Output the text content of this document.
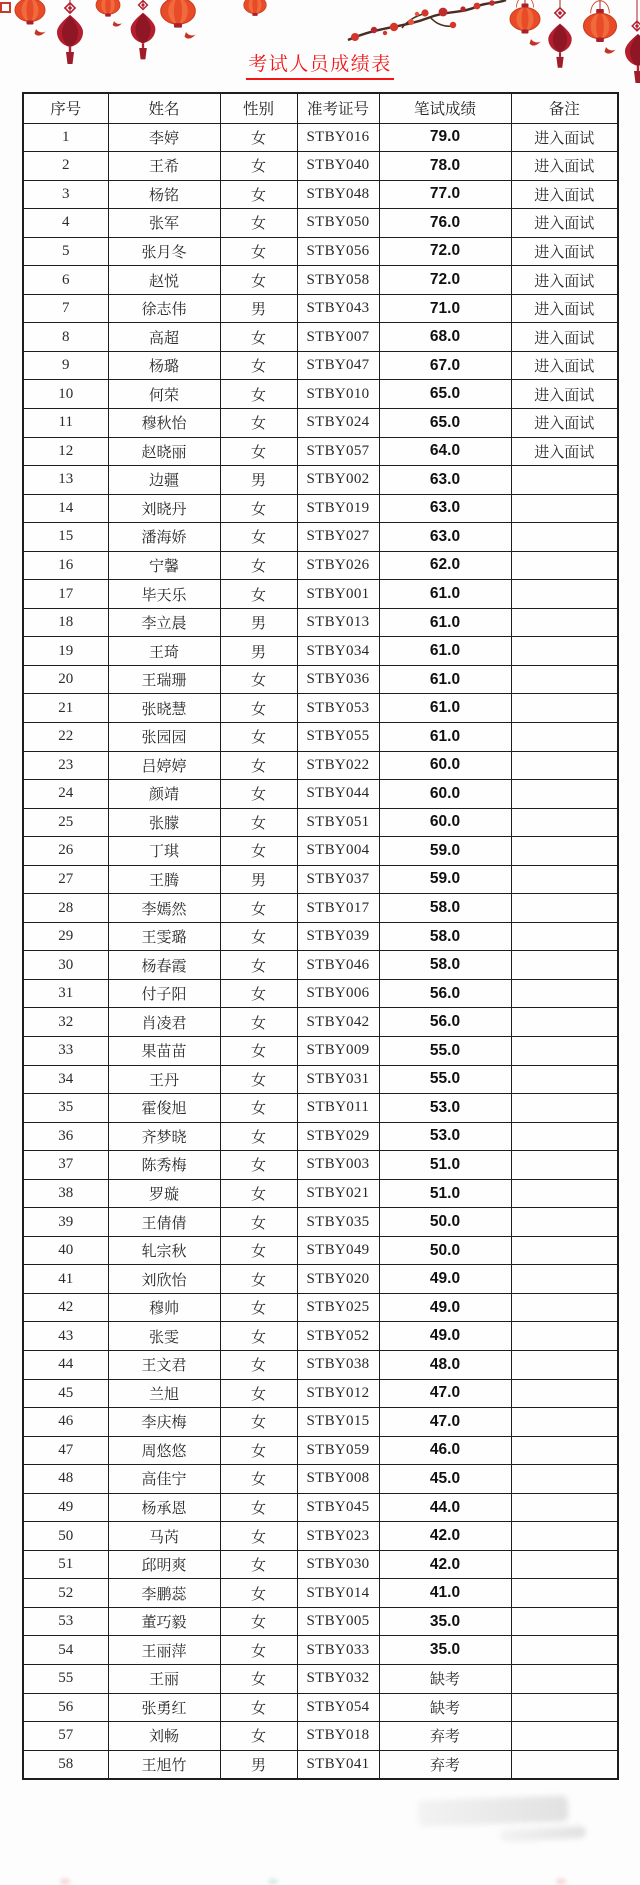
考试人员成绩表
序号	姓名	性别	准考证号	笔试成绩	备注
1	李婷	女	STBY016	79.0	进入面试
2	王希	女	STBY040	78.0	进入面试
3	杨铭	女	STBY048	77.0	进入面试
4	张军	女	STBY050	76.0	进入面试
5	张月冬	女	STBY056	72.0	进入面试
6	赵悦	女	STBY058	72.0	进入面试
7	徐志伟	男	STBY043	71.0	进入面试
8	高超	女	STBY007	68.0	进入面试
9	杨璐	女	STBY047	67.0	进入面试
10	何荣	女	STBY010	65.0	进入面试
11	穆秋怡	女	STBY024	65.0	进入面试
12	赵晓丽	女	STBY057	64.0	进入面试
13	边疆	男	STBY002	63.0	
14	刘晓丹	女	STBY019	63.0	
15	潘海娇	女	STBY027	63.0	
16	宁馨	女	STBY026	62.0	
17	毕天乐	女	STBY001	61.0	
18	李立晨	男	STBY013	61.0	
19	王琦	男	STBY034	61.0	
20	王瑞珊	女	STBY036	61.0	
21	张晓慧	女	STBY053	61.0	
22	张园园	女	STBY055	61.0	
23	吕婷婷	女	STBY022	60.0	
24	颜靖	女	STBY044	60.0	
25	张朦	女	STBY051	60.0	
26	丁琪	女	STBY004	59.0	
27	王腾	男	STBY037	59.0	
28	李嫣然	女	STBY017	58.0	
29	王雯璐	女	STBY039	58.0	
30	杨春霞	女	STBY046	58.0	
31	付子阳	女	STBY006	56.0	
32	肖凌君	女	STBY042	56.0	
33	果苗苗	女	STBY009	55.0	
34	王丹	女	STBY031	55.0	
35	霍俊旭	女	STBY011	53.0	
36	齐梦晓	女	STBY029	53.0	
37	陈秀梅	女	STBY003	51.0	
38	罗璇	女	STBY021	51.0	
39	王倩倩	女	STBY035	50.0	
40	轧宗秋	女	STBY049	50.0	
41	刘欣怡	女	STBY020	49.0	
42	穆帅	女	STBY025	49.0	
43	张雯	女	STBY052	49.0	
44	王文君	女	STBY038	48.0	
45	兰旭	女	STBY012	47.0	
46	李庆梅	女	STBY015	47.0	
47	周悠悠	女	STBY059	46.0	
48	高佳宁	女	STBY008	45.0	
49	杨承恩	女	STBY045	44.0	
50	马芮	女	STBY023	42.0	
51	邱明爽	女	STBY030	42.0	
52	李鹏蕊	女	STBY014	41.0	
53	董巧毅	女	STBY005	35.0	
54	王丽萍	女	STBY033	35.0	
55	王丽	女	STBY032	缺考	
56	张勇红	女	STBY054	缺考	
57	刘畅	女	STBY018	弃考	
58	王旭竹	男	STBY041	弃考	
